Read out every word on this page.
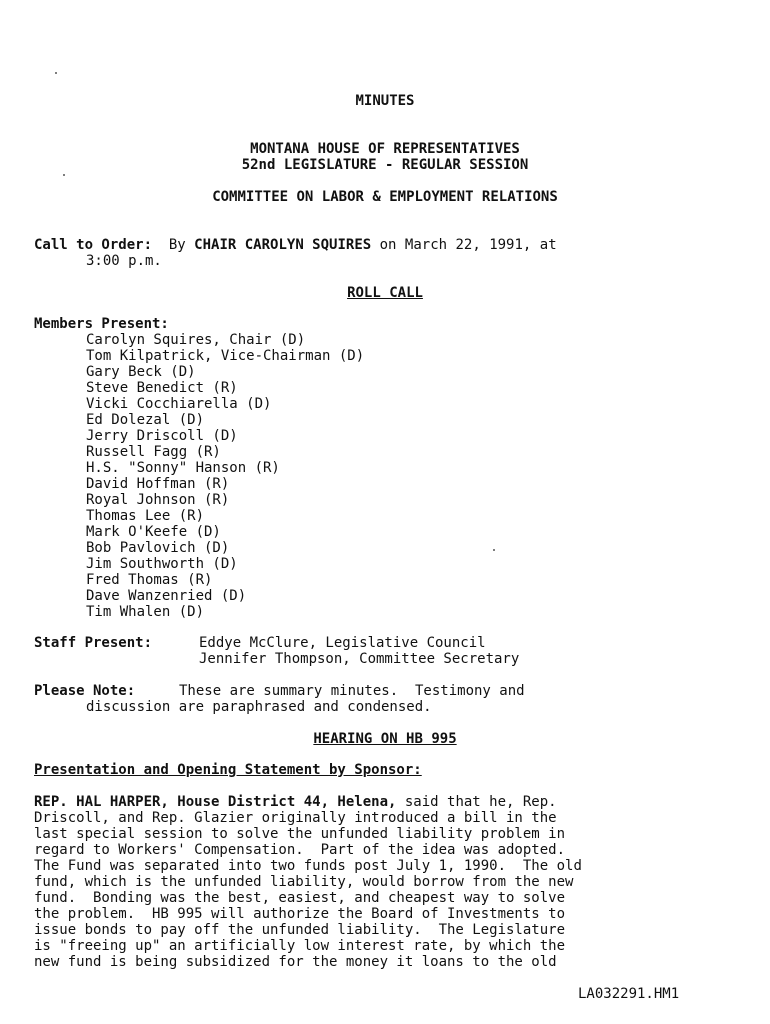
MINUTES
MONTANA HOUSE OF REPRESENTATIVES
52nd LEGISLATURE - REGULAR SESSION
COMMITTEE ON LABOR & EMPLOYMENT RELATIONS
Call to Order: By CHAIR CAROLYN SQUIRES on March 22, 1991, at
3:00 p.m.
ROLL CALL
Members Present:
Carolyn Squires, Chair (D)
Tom Kilpatrick, Vice-Chairman (D)
Gary Beck (D)
Steve Benedict (R)
Vicki Cocchiarella (D)
Ed Dolezal (D)
Jerry Driscoll (D)
Russell Fagg (R)
H.S. "Sonny" Hanson (R)
David Hoffman (R)
Royal Johnson (R)
Thomas Lee (R)
Mark O'Keefe (D)
Bob Pavlovich (D)
Jim Southworth (D)
Fred Thomas (R)
Dave Wanzenried (D)
Tim Whalen (D)
Staff Present:	Eddye McClure, Legislative Council
Jennifer Thompson, Committee Secretary
Please Note:	These are summary minutes.  Testimony and
discussion are paraphrased and condensed.
HEARING ON HB 995
Presentation and Opening Statement by Sponsor:
REP. HAL HARPER, House District 44, Helena, said that he, Rep.
Driscoll, and Rep. Glazier originally introduced a bill in the
last special session to solve the unfunded liability problem in
regard to Workers' Compensation.  Part of the idea was adopted.
The Fund was separated into two funds post July 1, 1990.  The old
fund, which is the unfunded liability, would borrow from the new
fund.  Bonding was the best, easiest, and cheapest way to solve
the problem.  HB 995 will authorize the Board of Investments to
issue bonds to pay off the unfunded liability.  The Legislature
is "freeing up" an artificially low interest rate, by which the
new fund is being subsidized for the money it loans to the old
LA032291.HM1
